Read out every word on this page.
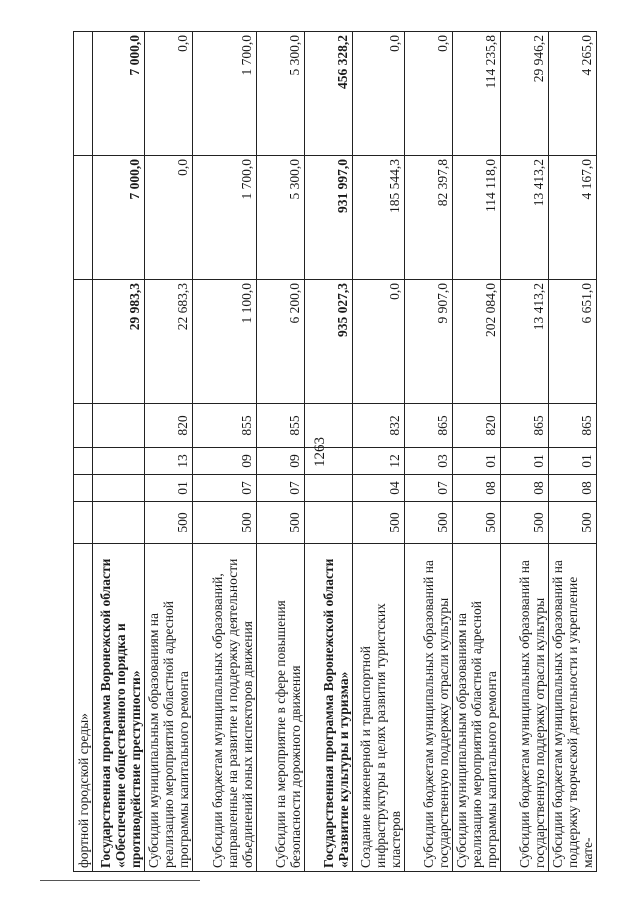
1263
фортной городской среды»							
Государственная программа Воронежской области «Обеспечение общественного порядка и противодействие преступности»					29 983,3	7 000,0	7 000,0
Субсидии муниципальным образованиям на реализацию мероприятий областной адресной программы капитального ремонта	500	01	13	820	22 683,3	0,0	0,0
Субсидии бюджетам муниципальных образований, направленные на развитие и поддержку деятельности объединений юных инспекторов движения	500	07	09	855	1 100,0	1 700,0	1 700,0
Субсидии на мероприятие в сфере повышения безопасности дорожного движения	500	07	09	855	6 200,0	5 300,0	5 300,0
Государственная программа Воронежской области «Развитие культуры и туризма»					935 027,3	931 997,0	456 328,2
Создание инженерной и транспортной инфраструктуры в целях развития туристских кластеров	500	04	12	832	0,0	185 544,3	0,0
Субсидии бюджетам муниципальных образований на государственную поддержку отрасли культуры	500	07	03	865	9 907,0	82 397,8	0,0
Субсидии муниципальным образованиям на реализацию мероприятий областной адресной программы капитального ремонта	500	08	01	820	202 084,0	114 118,0	114 235,8
Субсидии бюджетам муниципальных образований на государственную поддержку отрасли культуры	500	08	01	865	13 413,2	13 413,2	29 946,2
Субсидии бюджетам муниципальных образований на поддержку творческой деятельности и укрепление мате-	500	08	01	865	6 651,0	4 167,0	4 265,0
